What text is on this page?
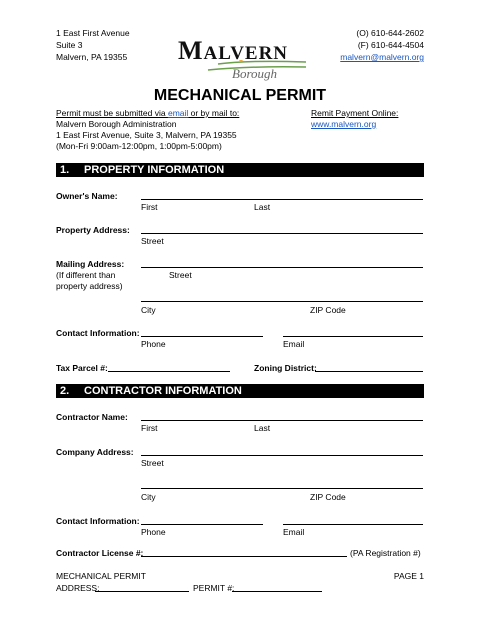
1 East First Avenue
Suite 3
Malvern, PA 19355
(O) 610-644-2602
(F) 610-644-4504
malvern@malvern.org
MALVERN
Borough
MECHANICAL PERMIT
Permit must be submitted via email or by mail to:
Malvern Borough Administration
1 East First Avenue, Suite 3, Malvern, PA 19355
(Mon-Fri 9:00am-12:00pm, 1:00pm-5:00pm)
Remit Payment Online:
www.malvern.org
1. PROPERTY INFORMATION
Owner's Name:
First	Last
Property Address:
Street
Mailing Address:
(If different than
property address)
Street
City	ZIP Code
Contact Information:
Phone	Email
Tax Parcel #:	Zoning District:
2. CONTRACTOR INFORMATION
Contractor Name:
First	Last
Company Address:
Street
City	ZIP Code
Contact Information:
Phone	Email
Contractor License #:	(PA Registration #)
MECHANICAL PERMIT	PAGE 1
ADDRESS:	PERMIT #:
